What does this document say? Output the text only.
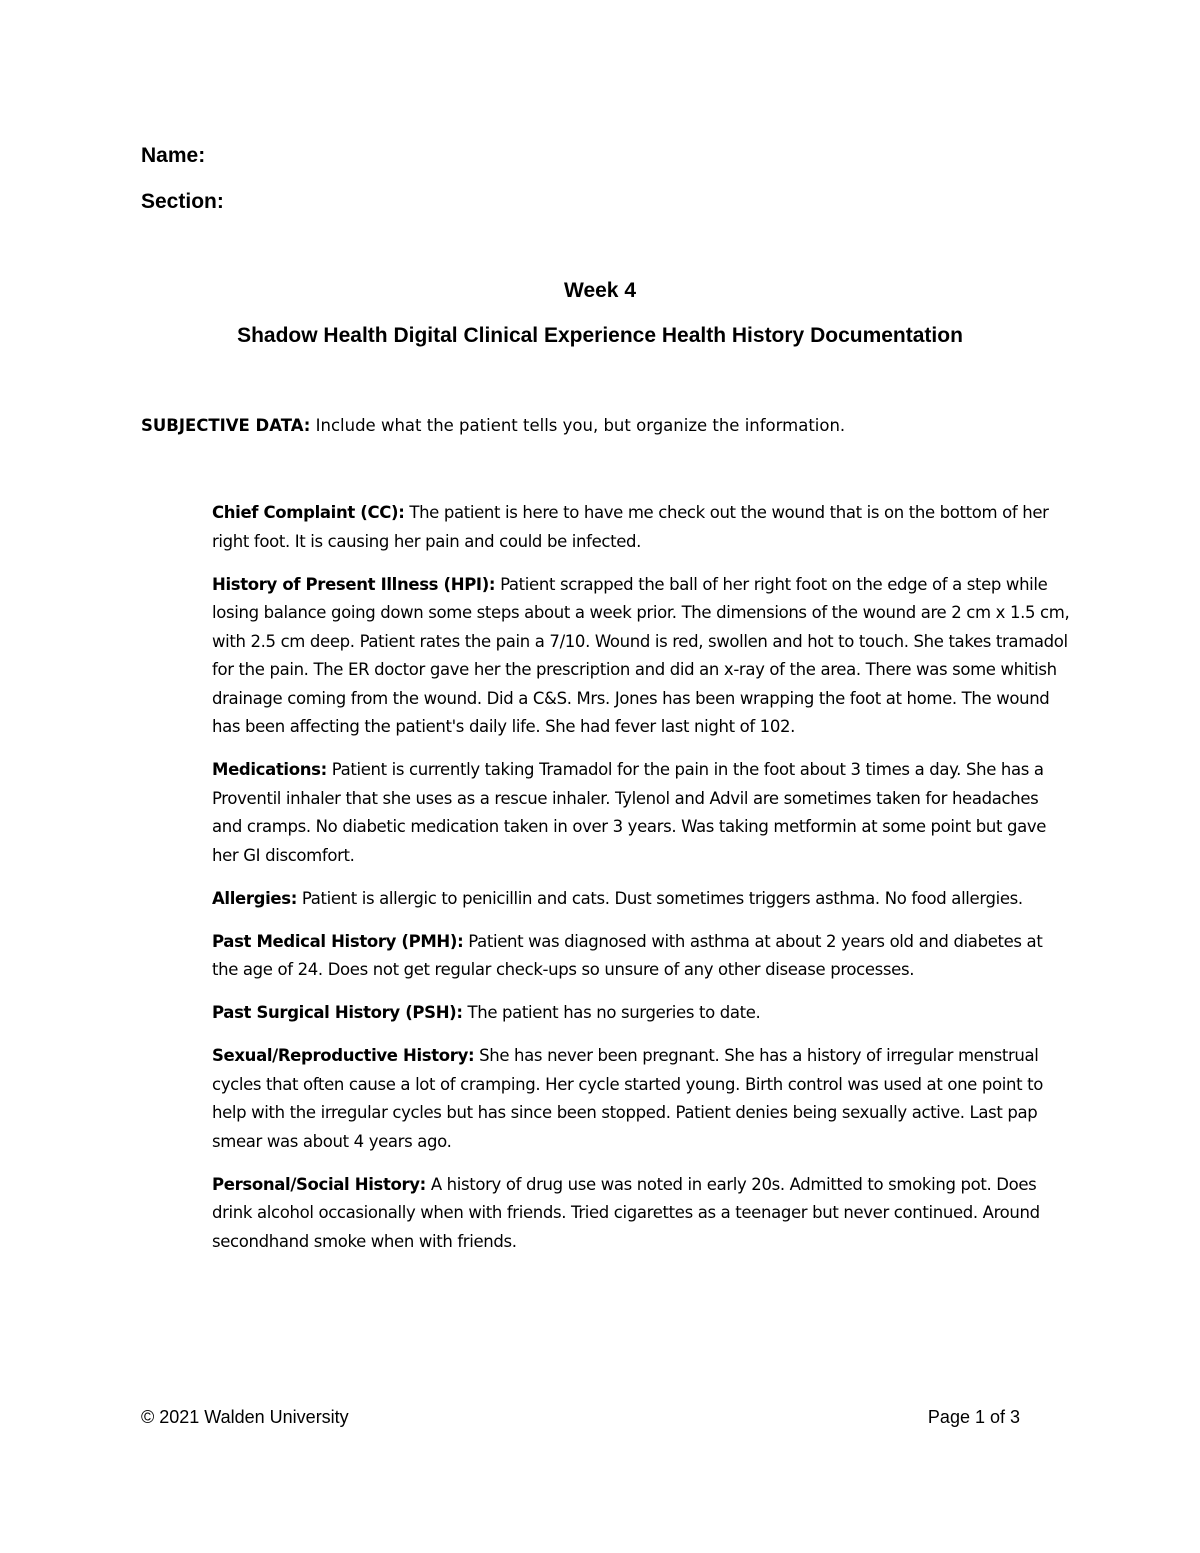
Name:
Section:
Week 4
Shadow Health Digital Clinical Experience Health History Documentation
SUBJECTIVE DATA: Include what the patient tells you, but organize the information.

Chief Complaint (CC): The patient is here to have me check out the wound that is on the bottom of her right foot. It is causing her pain and could be infected.

History of Present Illness (HPI): Patient scrapped the ball of her right foot on the edge of a step while losing balance going down some steps about a week prior. The dimensions of the wound are 2 cm x 1.5 cm, with 2.5 cm deep. Patient rates the pain a 7/10. Wound is red, swollen and hot to touch. She takes tramadol for the pain. The ER doctor gave her the prescription and did an x-ray of the area. There was some whitish drainage coming from the wound. Did a C&S. Mrs. Jones has been wrapping the foot at home. The wound has been affecting the patient's daily life. She had fever last night of 102.

Medications: Patient is currently taking Tramadol for the pain in the foot about 3 times a day. She has a Proventil inhaler that she uses as a rescue inhaler. Tylenol and Advil are sometimes taken for headaches and cramps. No diabetic medication taken in over 3 years. Was taking metformin at some point but gave her GI discomfort.

Allergies: Patient is allergic to penicillin and cats. Dust sometimes triggers asthma. No food allergies.

Past Medical History (PMH): Patient was diagnosed with asthma at about 2 years old and diabetes at the age of 24. Does not get regular check-ups so unsure of any other disease processes.

Past Surgical History (PSH): The patient has no surgeries to date.

Sexual/Reproductive History: She has never been pregnant. She has a history of irregular menstrual cycles that often cause a lot of cramping. Her cycle started young. Birth control was used at one point to help with the irregular cycles but has since been stopped. Patient denies being sexually active. Last pap smear was about 4 years ago.

Personal/Social History: A history of drug use was noted in early 20s. Admitted to smoking pot. Does drink alcohol occasionally when with friends. Tried cigarettes as a teenager but never continued. Around secondhand smoke when with friends.

© 2021 Walden University	Page 1 of 3
